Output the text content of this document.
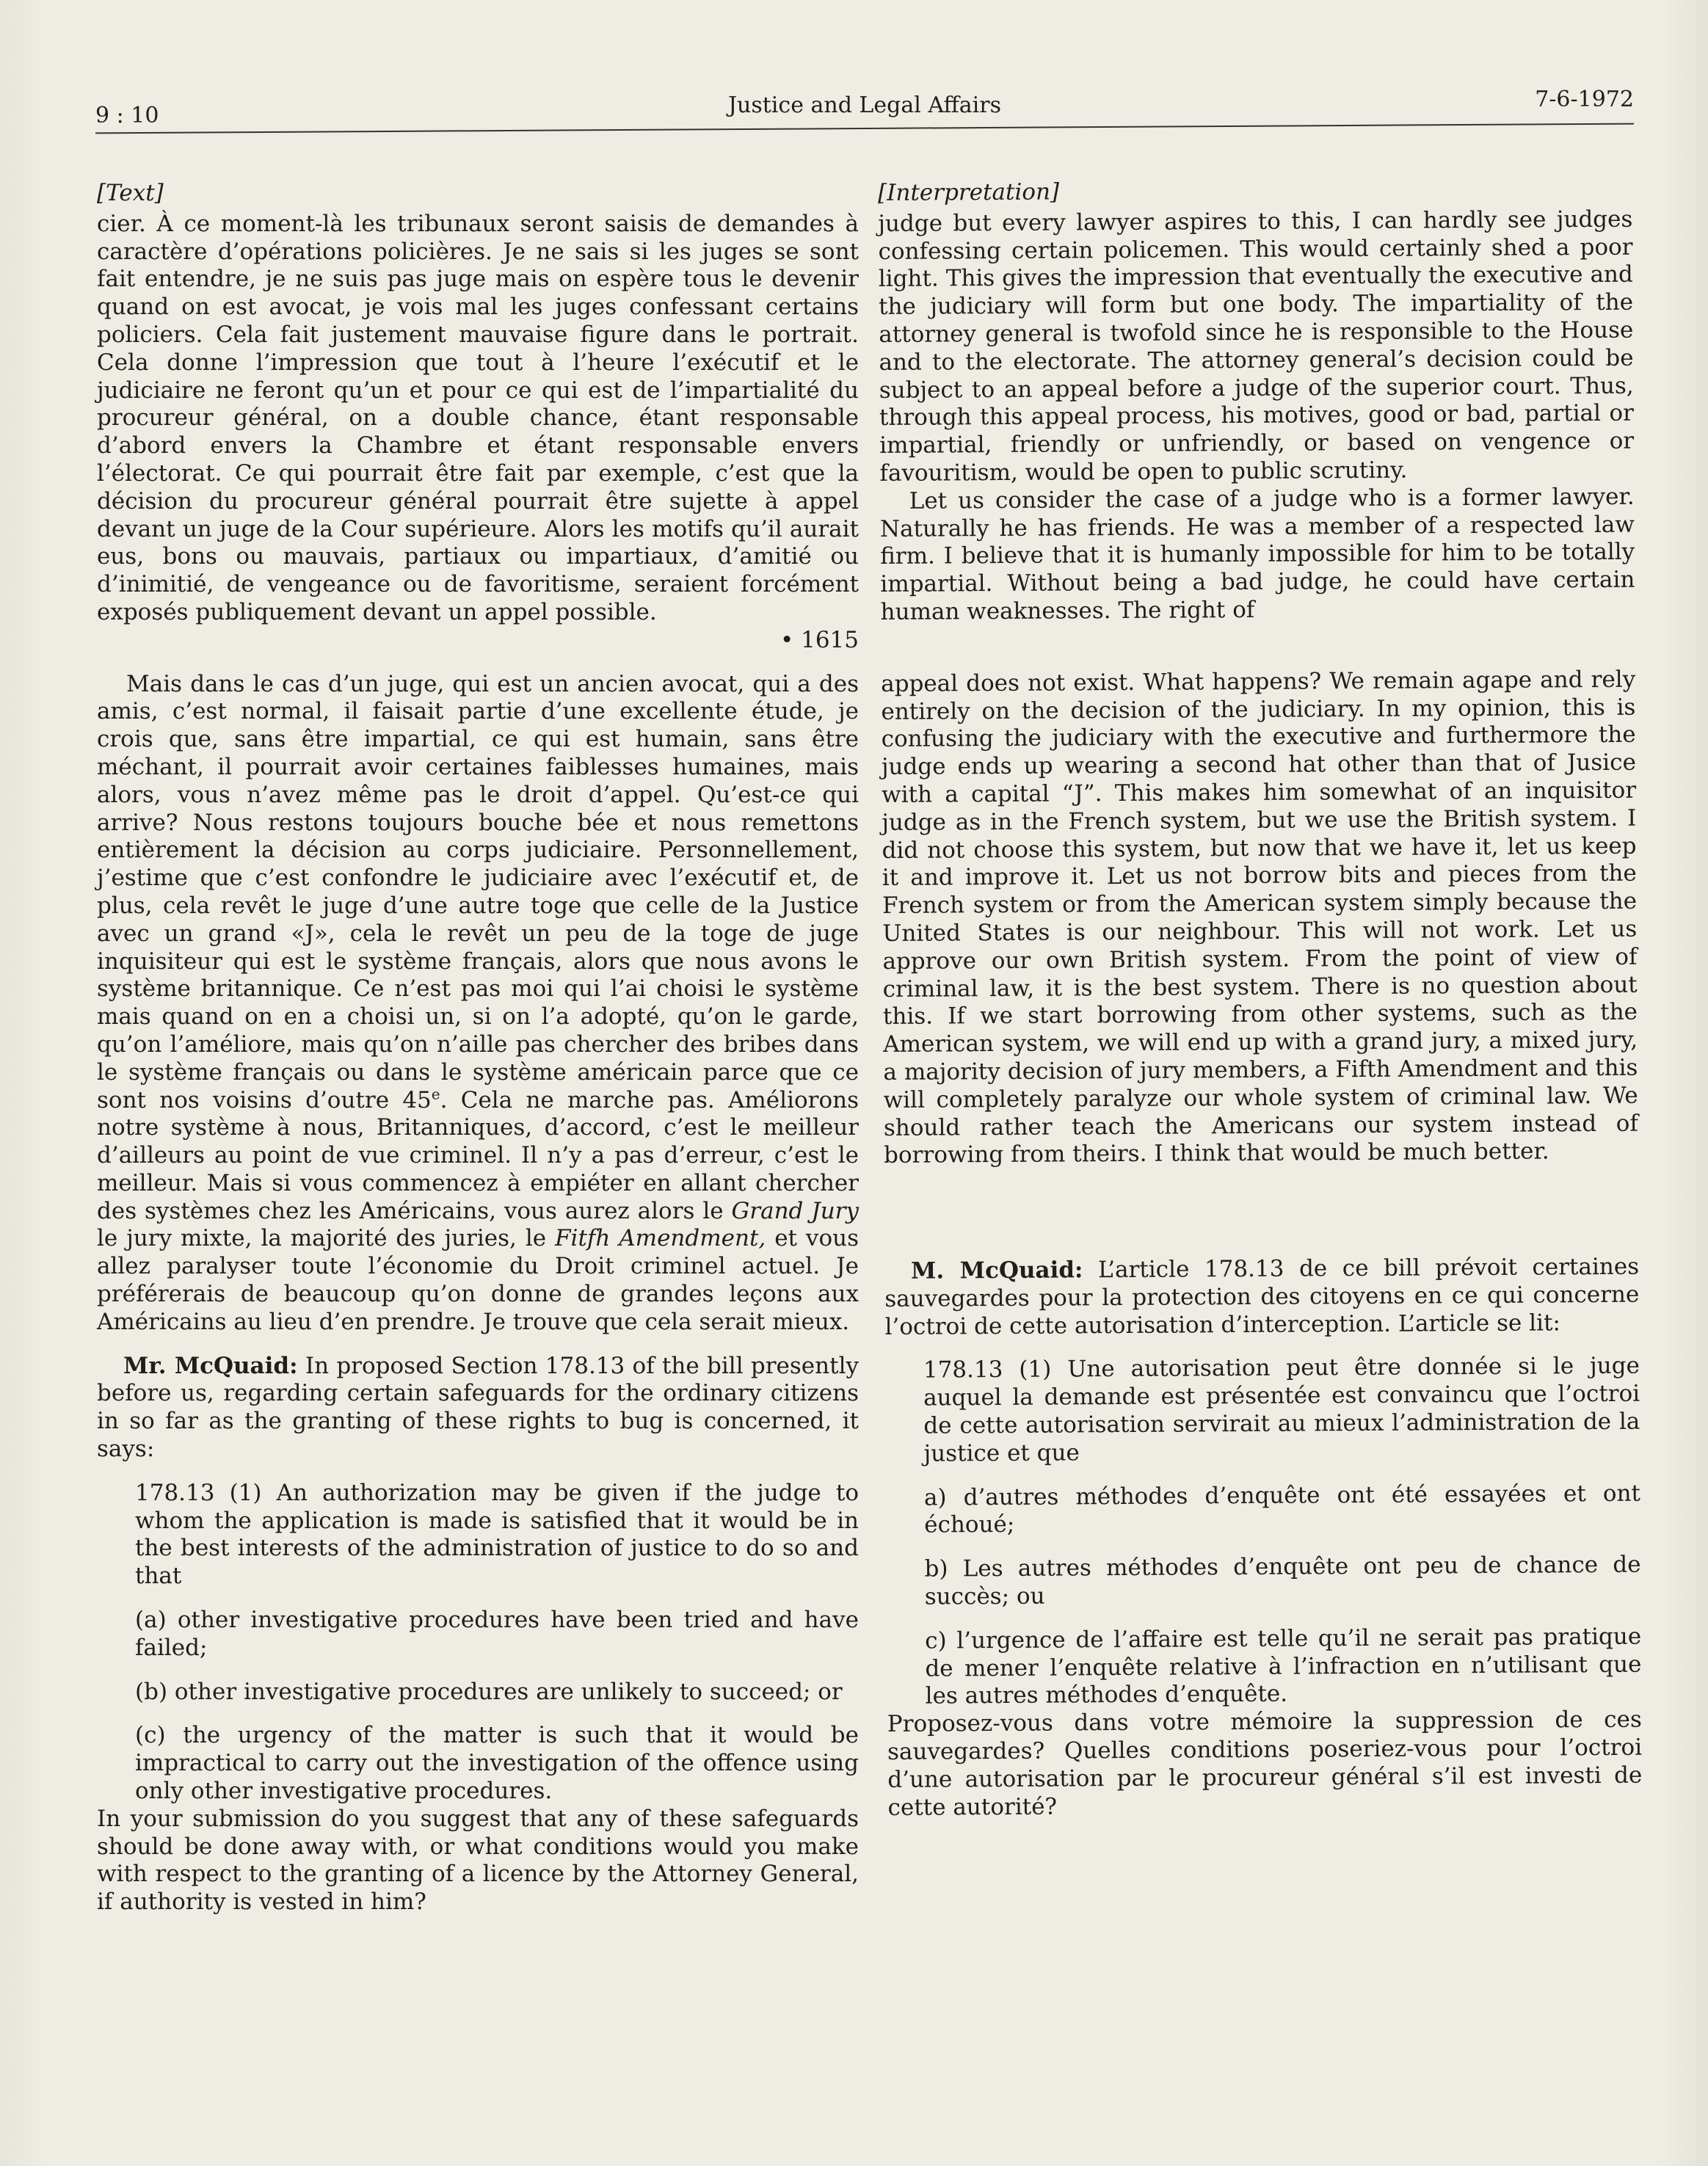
9 : 10	Justice and Legal Affairs	7-6-1972
[Text]

cier. À ce moment-là les tribunaux seront saisis de demandes à caractère d’opérations policières. Je ne sais si les juges se sont fait entendre, je ne suis pas juge mais on espère tous le devenir quand on est avocat, je vois mal les juges confessant certains policiers. Cela fait justement mauvaise figure dans le portrait. Cela donne l’impression que tout à l’heure l’exécutif et le judiciaire ne feront qu’un et pour ce qui est de l’impartialité du procureur général, on a double chance, étant responsable d’abord envers la Chambre et étant responsable envers l’électorat. Ce qui pourrait être fait par exemple, c’est que la décision du procureur général pourrait être sujette à appel devant un juge de la Cour supérieure. Alors les motifs qu’il aurait eus, bons ou mauvais, partiaux ou impartiaux, d’amitié ou d’inimitié, de vengeance ou de favoritisme, seraient forcément exposés publiquement devant un appel possible.

• 1615

Mais dans le cas d’un juge, qui est un ancien avocat, qui a des amis, c’est normal, il faisait partie d’une excellente étude, je crois que, sans être impartial, ce qui est humain, sans être méchant, il pourrait avoir certaines faiblesses humaines, mais alors, vous n’avez même pas le droit d’appel. Qu’est-ce qui arrive? Nous restons toujours bouche bée et nous remettons entièrement la décision au corps judiciaire. Personnellement, j’estime que c’est confondre le judiciaire avec l’exécutif et, de plus, cela revêt le juge d’une autre toge que celle de la Justice avec un grand «J», cela le revêt un peu de la toge de juge inquisiteur qui est le système français, alors que nous avons le système britannique. Ce n’est pas moi qui l’ai choisi le système mais quand on en a choisi un, si on l’a adopté, qu’on le garde, qu’on l’améliore, mais qu’on n’aille pas chercher des bribes dans le système français ou dans le système américain parce que ce sont nos voisins d’outre 45e. Cela ne marche pas. Améliorons notre système à nous, Britanniques, d’accord, c’est le meilleur d’ailleurs au point de vue criminel. Il n’y a pas d’erreur, c’est le meilleur. Mais si vous commencez à empiéter en allant chercher des systèmes chez les Américains, vous aurez alors le Grand Jury le jury mixte, la majorité des juries, le Fitfh Amendment, et vous allez paralyser toute l’économie du Droit criminel actuel. Je préférerais de beaucoup qu’on donne de grandes leçons aux Américains au lieu d’en prendre. Je trouve que cela serait mieux.

Mr. McQuaid: In proposed Section 178.13 of the bill presently before us, regarding certain safeguards for the ordinary citizens in so far as the granting of these rights to bug is concerned, it says:

178.13 (1) An authorization may be given if the judge to whom the application is made is satisfied that it would be in the best interests of the administration of justice to do so and that

(a) other investigative procedures have been tried and have failed;

(b) other investigative procedures are unlikely to succeed; or

(c) the urgency of the matter is such that it would be impractical to carry out the investigation of the offence using only other investigative procedures.

In your submission do you suggest that any of these safeguards should be done away with, or what conditions would you make with respect to the granting of a licence by the Attorney General, if authority is vested in him?

[Interpretation]

judge but every lawyer aspires to this, I can hardly see judges confessing certain policemen. This would certainly shed a poor light. This gives the impression that eventually the executive and the judiciary will form but one body. The impartiality of the attorney general is twofold since he is responsible to the House and to the electorate. The attorney general’s decision could be subject to an appeal before a judge of the superior court. Thus, through this appeal process, his motives, good or bad, partial or impartial, friendly or unfriendly, or based on vengence or favouritism, would be open to public scrutiny.

Let us consider the case of a judge who is a former lawyer. Naturally he has friends. He was a member of a respected law firm. I believe that it is humanly impossible for him to be totally impartial. Without being a bad judge, he could have certain human weaknesses. The right of

appeal does not exist. What happens? We remain agape and rely entirely on the decision of the judiciary. In my opinion, this is confusing the judiciary with the executive and furthermore the judge ends up wearing a second hat other than that of Jusice with a capital “J”. This makes him somewhat of an inquisitor judge as in the French system, but we use the British system. I did not choose this system, but now that we have it, let us keep it and improve it. Let us not borrow bits and pieces from the French system or from the American system simply because the United States is our neighbour. This will not work. Let us approve our own British system. From the point of view of criminal law, it is the best system. There is no question about this. If we start borrowing from other systems, such as the American system, we will end up with a grand jury, a mixed jury, a majority decision of jury members, a Fifth Amendment and this will completely paralyze our whole system of criminal law. We should rather teach the Americans our system instead of borrowing from theirs. I think that would be much better.

M. McQuaid: L’article 178.13 de ce bill prévoit certaines sauvegardes pour la protection des citoyens en ce qui concerne l’octroi de cette autorisation d’interception. L’article se lit:

178.13 (1) Une autorisation peut être donnée si le juge auquel la demande est présentée est convaincu que l’octroi de cette autorisation servirait au mieux l’administration de la justice et que

a) d’autres méthodes d’enquête ont été essayées et ont échoué;

b) Les autres méthodes d’enquête ont peu de chance de succès; ou

c) l’urgence de l’affaire est telle qu’il ne serait pas pratique de mener l’enquête relative à l’infraction en n’utilisant que les autres méthodes d’enquête.

Proposez-vous dans votre mémoire la suppression de ces sauvegardes? Quelles conditions poseriez-vous pour l’octroi d’une autorisation par le procureur général s’il est investi de cette autorité?
